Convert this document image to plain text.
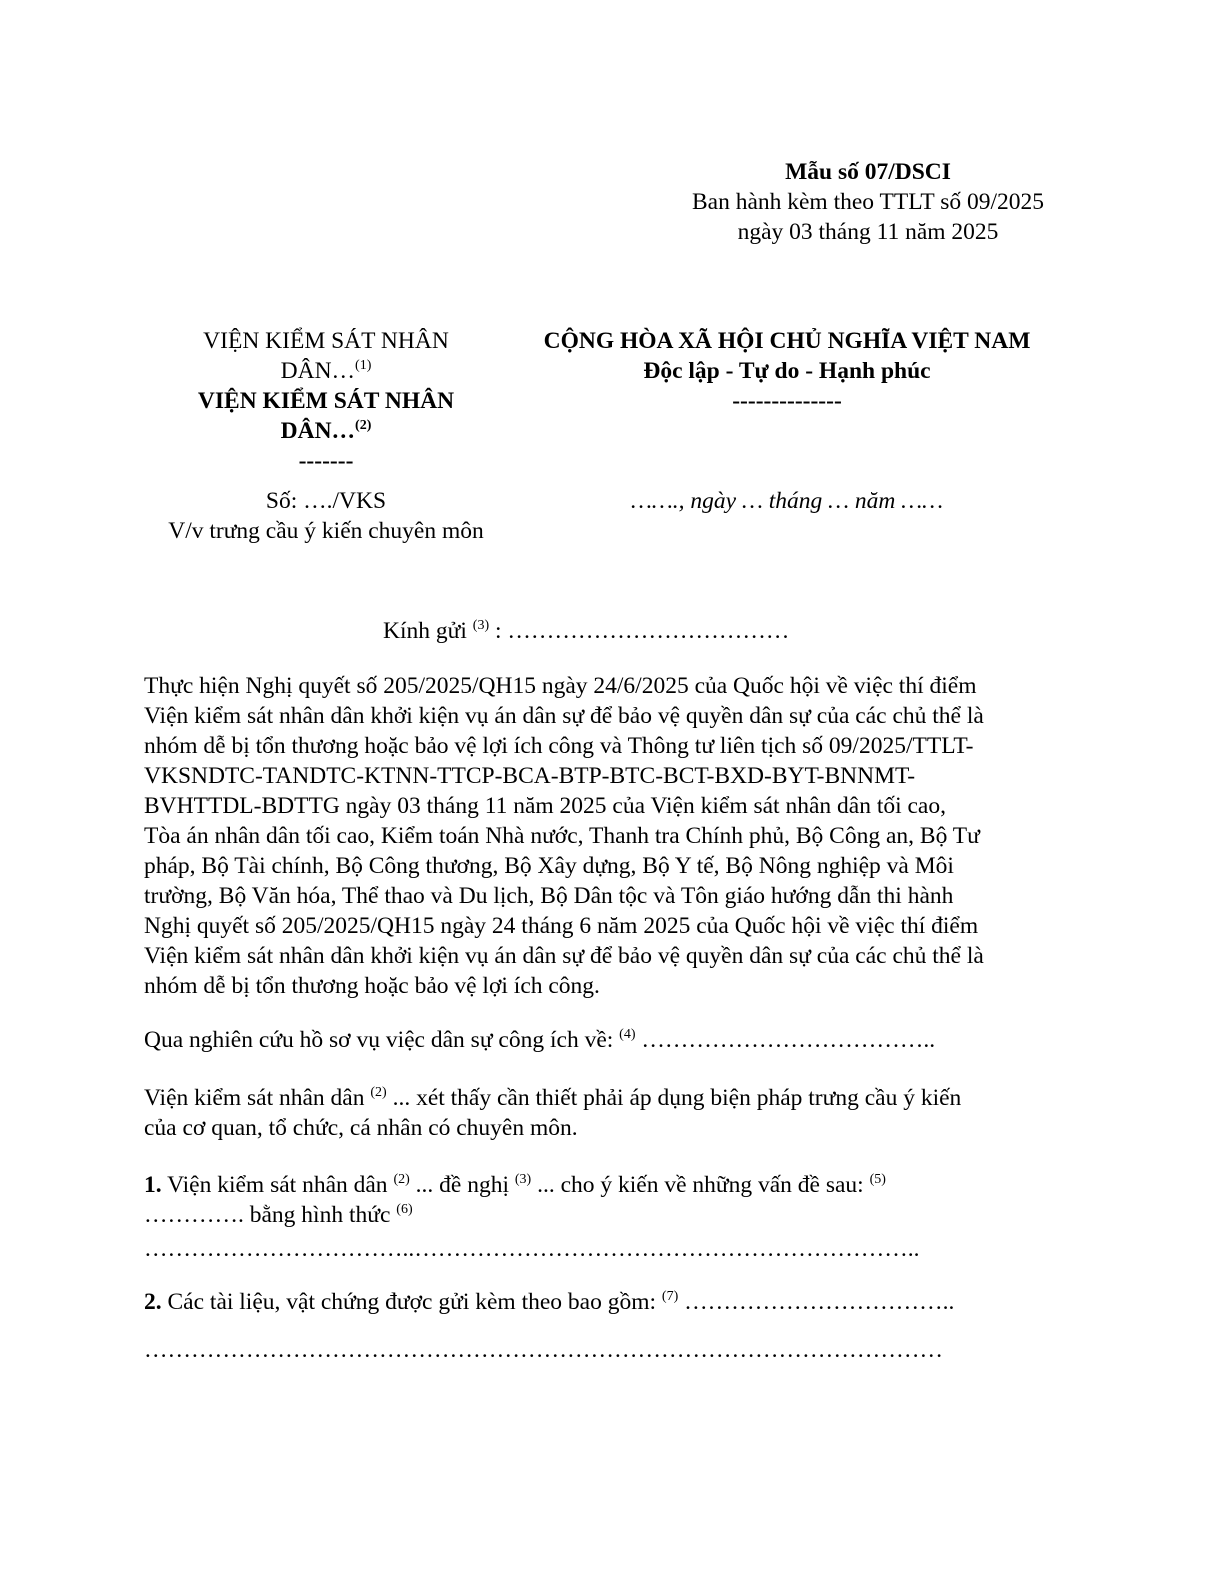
Mẫu số 07/DSCI
Ban hành kèm theo TTLT số 09/2025
ngày 03 tháng 11 năm 2025
VIỆN KIỂM SÁT NHÂN
DÂN…$^{(1)}$
VIỆN KIỂM SÁT NHÂN
DÂN…$^{(2)}$
-------
Số: …./VKS
V/v trưng cầu ý kiến chuyên môn
CỘNG HÒA XÃ HỘI CHỦ NGHĨA VIỆT NAM
Độc lập - Tự do - Hạnh phúc
--------------
……., ngày … tháng … năm ……
Kính gửi $^{(3)}$ : ………………………………
Thực hiện Nghị quyết số 205/2025/QH15 ngày 24/6/2025 của Quốc hội về việc thí điểm
Viện kiểm sát nhân dân khởi kiện vụ án dân sự để bảo vệ quyền dân sự của các chủ thể là
nhóm dễ bị tổn thương hoặc bảo vệ lợi ích công và Thông tư liên tịch số 09/2025/TTLT-
VKSNDTC-TANDTC-KTNN-TTCP-BCA-BTP-BTC-BCT-BXD-BYT-BNNMT-
BVHTTDL-BDTTG ngày 03 tháng 11 năm 2025 của Viện kiểm sát nhân dân tối cao,
Tòa án nhân dân tối cao, Kiểm toán Nhà nước, Thanh tra Chính phủ, Bộ Công an, Bộ Tư
pháp, Bộ Tài chính, Bộ Công thương, Bộ Xây dựng, Bộ Y tế, Bộ Nông nghiệp và Môi
trường, Bộ Văn hóa, Thể thao và Du lịch, Bộ Dân tộc và Tôn giáo hướng dẫn thi hành
Nghị quyết số 205/2025/QH15 ngày 24 tháng 6 năm 2025 của Quốc hội về việc thí điểm
Viện kiểm sát nhân dân khởi kiện vụ án dân sự để bảo vệ quyền dân sự của các chủ thể là
nhóm dễ bị tổn thương hoặc bảo vệ lợi ích công.
Qua nghiên cứu hồ sơ vụ việc dân sự công ích về: $^{(4)}$ ………………………………..
Viện kiểm sát nhân dân $^{(2)}$ ... xét thấy cần thiết phải áp dụng biện pháp trưng cầu ý kiến
của cơ quan, tổ chức, cá nhân có chuyên môn.
1. Viện kiểm sát nhân dân $^{(2)}$ ... đề nghị $^{(3)}$ ... cho ý kiến về những vấn đề sau: $^{(5)}$
…………. bằng hình thức $^{(6)}$
……………………………..………………………………………………………..
2. Các tài liệu, vật chứng được gửi kèm theo bao gồm: $^{(7)}$ ……………………………..
…………………………………………………………………………………………
